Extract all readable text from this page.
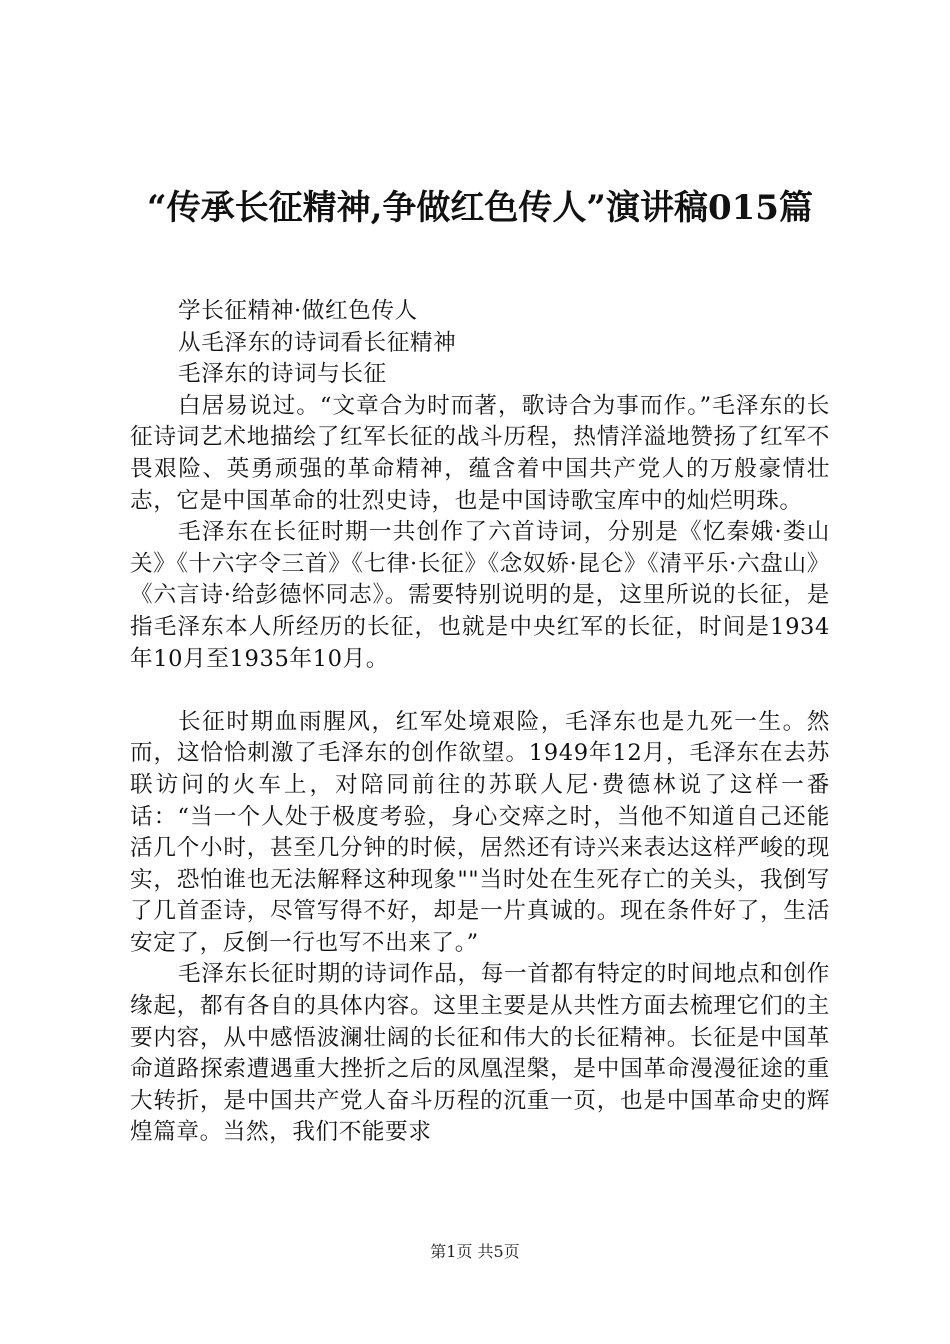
“传承长征精神,争做红色传人”演讲稿015篇

学长征精神·做红色传人

从毛泽东的诗词看长征精神

毛泽东的诗词与长征

白居易说过。“文章合为时而著，歌诗合为事而作。”毛泽东的长征诗词艺术地描绘了红军长征的战斗历程，热情洋溢地赞扬了红军不畏艰险、英勇顽强的革命精神，蕴含着中国共产党人的万般豪情壮志，它是中国革命的壮烈史诗，也是中国诗歌宝库中的灿烂明珠。

毛泽东在长征时期一共创作了六首诗词，分别是《忆秦娥·娄山关》《十六字令三首》《七律·长征》《念奴娇·昆仑》《清平乐·六盘山》《六言诗·给彭德怀同志》。需要特别说明的是，这里所说的长征，是指毛泽东本人所经历的长征，也就是中央红军的长征，时间是1934年10月至1935年10月。

长征时期血雨腥风，红军处境艰险，毛泽东也是九死一生。然而，这恰恰刺激了毛泽东的创作欲望。1949年12月，毛泽东在去苏联访问的火车上，对陪同前往的苏联人尼·费德林说了这样一番话：“当一个人处于极度考验，身心交瘁之时，当他不知道自己还能活几个小时，甚至几分钟的时候，居然还有诗兴来表达这样严峻的现实，恐怕谁也无法解释这种现象""当时处在生死存亡的关头，我倒写了几首歪诗，尽管写得不好，却是一片真诚的。现在条件好了，生活安定了，反倒一行也写不出来了。”

毛泽东长征时期的诗词作品，每一首都有特定的时间地点和创作缘起，都有各自的具体内容。这里主要是从共性方面去梳理它们的主要内容，从中感悟波澜壮阔的长征和伟大的长征精神。长征是中国革命道路探索遭遇重大挫折之后的凤凰涅槃，是中国革命漫漫征途的重大转折，是中国共产党人奋斗历程的沉重一页，也是中国革命史的辉煌篇章。当然，我们不能要求

第1页 共5页
